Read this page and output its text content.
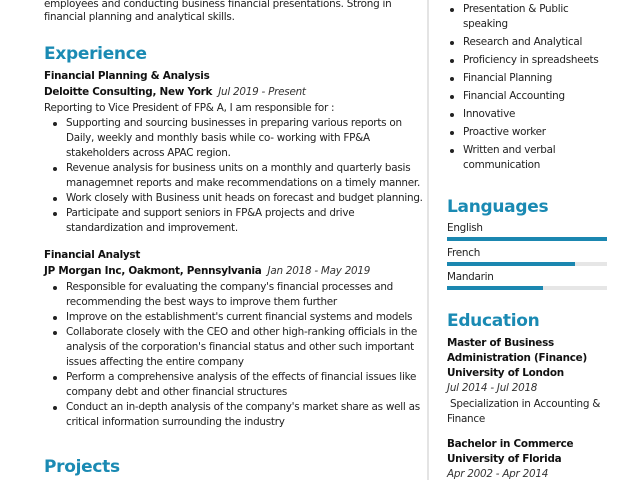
employees and conducting business financial presentations. Strong in
financial planning and analytical skills.
Experience
Financial Planning & Analysis
Deloitte Consulting, New York Jul 2019 - Present
Reporting to Vice President of FP& A, I am responsible for :
Supporting and sourcing businesses in preparing various reports on
Daily, weekly and monthly basis while co- working with FP&A
stakeholders across APAC region.
Revenue analysis for business units on a monthly and quarterly basis
managemnet reports and make recommendations on a timely manner.
Work closely with Business unit heads on forecast and budget planning.
Participate and support seniors in FP&A projects and drive
standardization and improvement.
Financial Analyst
JP Morgan Inc, Oakmont, Pennsylvania Jan 2018 - May 2019
Responsible for evaluating the company's financial processes and
recommending the best ways to improve them further
Improve on the establishment's current financial systems and models
Collaborate closely with the CEO and other high-ranking officials in the
analysis of the corporation's financial status and other such important
issues affecting the entire company
Perform a comprehensive analysis of the effects of financial issues like
company debt and other financial structures
Conduct an in-depth analysis of the company's market share as well as
critical information surrounding the industry
Projects
Presentation & Public
speaking
Research and Analytical
Proficiency in spreadsheets
Financial Planning
Financial Accounting
Innovative
Proactive worker
Written and verbal
communication
Languages
English
French
Mandarin
Education
Master of Business
Administration (Finance)
University of London
Jul 2014 - Jul 2018
Specialization in Accounting &
Finance
Bachelor in Commerce
University of Florida
Apr 2002 - Apr 2014
